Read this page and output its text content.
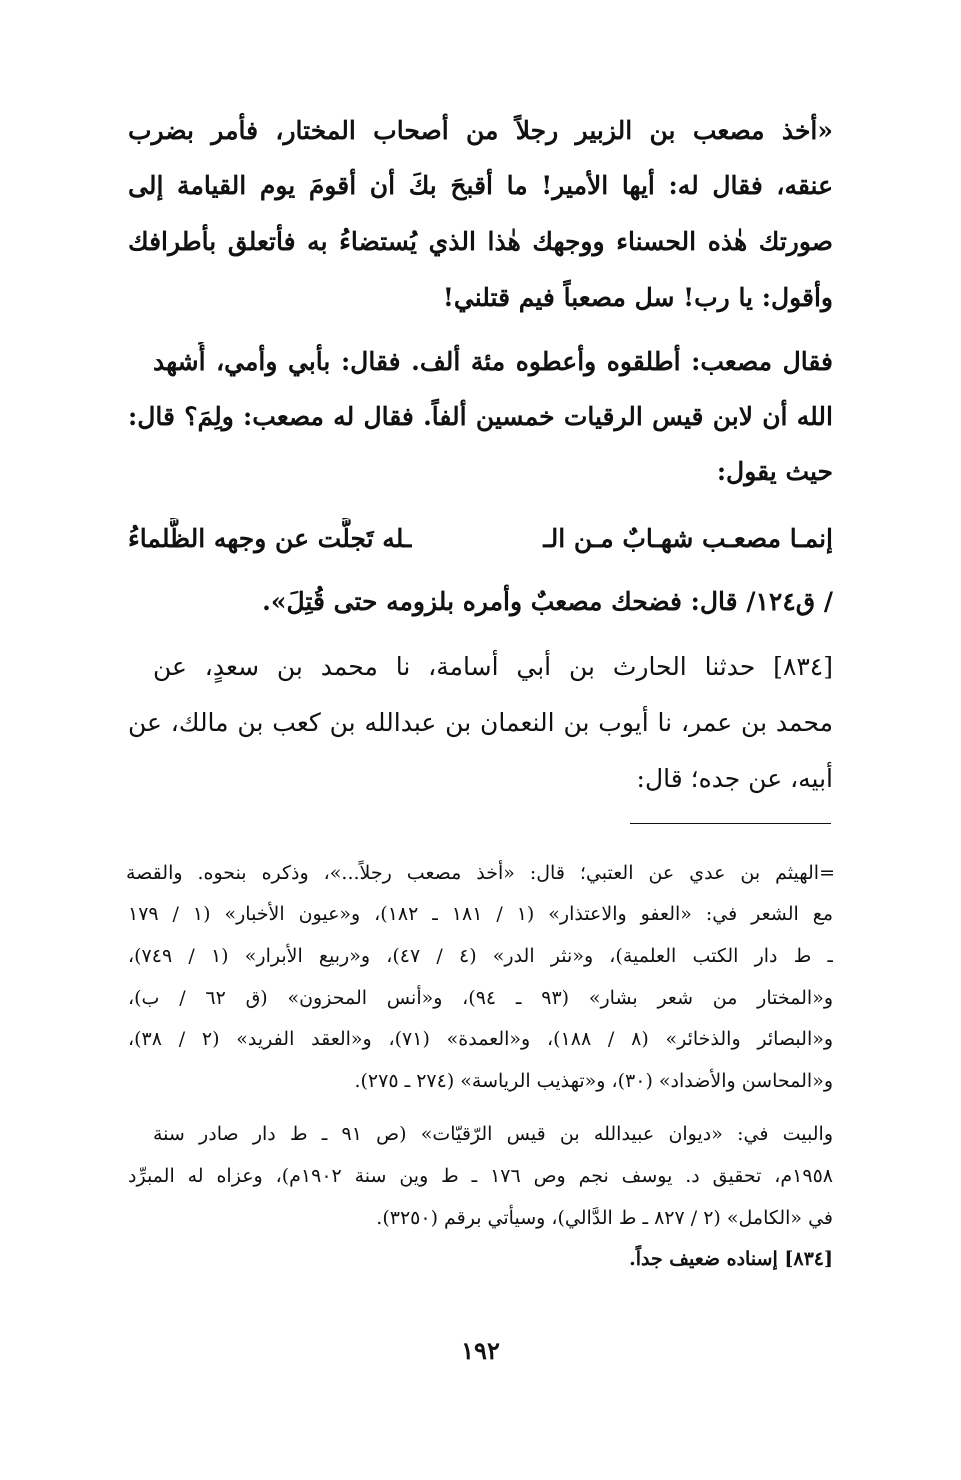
«أخذ مصعب بن الزبير رجلاً من أصحاب المختار، فأمر بضرب
عنقه، فقال له: أيها الأمير! ما أقبحَ بكَ أن أقومَ يوم القيامة إلى
صورتك هٰذه الحسناء ووجهك هٰذا الذي يُستضاءُ به فأتعلق بأطرافك
وأقول: يا رب! سل مصعباً فيم قتلني!
فقال مصعب: أطلقوه وأعطوه مئة ألف. فقال: بأبي وأمي، أُشهد
الله أن لابن قيس الرقيات خمسين ألفاً. فقال له مصعب: ولِمَ؟ قال:
حيث يقول:
إنمـا مصعـب شهـابٌ مـن الـ
ـله تَجلَّت عن وجهه الظَّلماءُ
/ ق١٢٤/ قال: فضحك مصعبٌ وأمره بلزومه حتى قُتِلَ».
[٨٣٤] حدثنا الحارث بن أبي أسامة، نا محمد بن سعدٍ، عن
محمد بن عمر، نا أيوب بن النعمان بن عبدالله بن كعب بن مالك، عن
أبيه، عن جده؛ قال:
=الهيثم بن عدي عن العتبي؛ قال: «أخذ مصعب رجلاً...»، وذكره بنحوه. والقصة
مع الشعر في: «العفو والاعتذار» (١ / ١٨١ ـ ١٨٢)، و«عيون الأخبار» (١ / ١٧٩
ـ ط دار الكتب العلمية)، و«نثر الدر» (٤ / ٤٧)، و«ربيع الأبرار» (١ / ٧٤٩)،
و«المختار من شعر بشار» (٩٣ ـ ٩٤)، و«أنس المحزون» (ق ٦٢ / ب)،
و«البصائر والذخائر» (٨ / ١٨٨)، و«العمدة» (٧١)، و«العقد الفريد» (٢ / ٣٨)،
و«المحاسن والأضداد» (٣٠)، و«تهذيب الرياسة» (٢٧٤ ـ ٢٧٥).
والبيت في: «ديوان عبيدالله بن قيس الرّقيّات» (ص ٩١ ـ ط دار صادر سنة
١٩٥٨م، تحقيق د. يوسف نجم وص ١٧٦ ـ ط وين سنة ١٩٠٢م)، وعزاه له المبرِّد
في «الكامل» (٢ / ٨٢٧ ـ ط الدَّالي)، وسيأتي برقم (٣٢٥٠).
[٨٣٤] إسناده ضعيف جداً.
١٩٢
